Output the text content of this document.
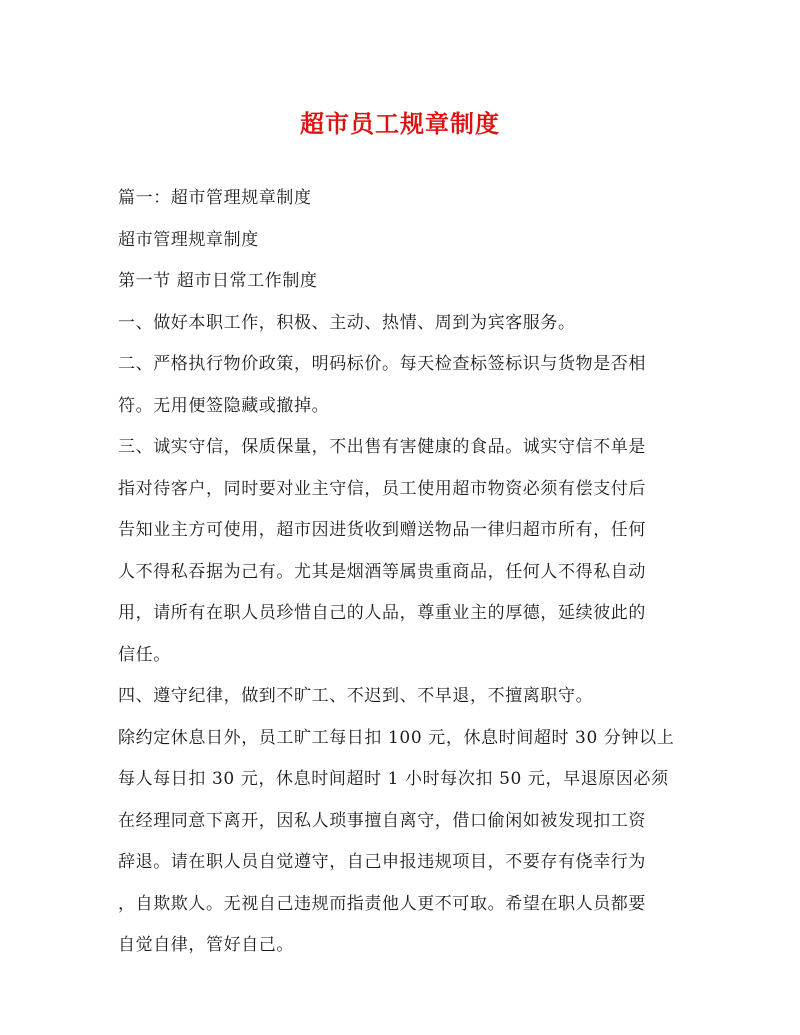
超市员工规章制度

篇一：超市管理规章制度

超市管理规章制度

第一节 超市日常工作制度

一、做好本职工作，积极、主动、热情、周到为宾客服务。

二、严格执行物价政策，明码标价。每天检查标签标识与货物是否相

符。无用便签隐藏或撤掉。

三、诚实守信，保质保量，不出售有害健康的食品。诚实守信不单是

指对待客户，同时要对业主守信，员工使用超市物资必须有偿支付后

告知业主方可使用，超市因进货收到赠送物品一律归超市所有，任何

人不得私吞据为己有。尤其是烟酒等属贵重商品，任何人不得私自动

用，请所有在职人员珍惜自己的人品，尊重业主的厚德，延续彼此的

信任。

四、遵守纪律，做到不旷工、不迟到、不早退，不擅离职守。

除约定休息日外，员工旷工每日扣 100 元，休息时间超时 30 分钟以上

每人每日扣 30 元，休息时间超时 1 小时每次扣 50 元，早退原因必须

在经理同意下离开，因私人琐事擅自离守，借口偷闲如被发现扣工资

辞退。请在职人员自觉遵守，自己申报违规项目，不要存有侥幸行为

，自欺欺人。无视自己违规而指责他人更不可取。希望在职人员都要

自觉自律，管好自己。
